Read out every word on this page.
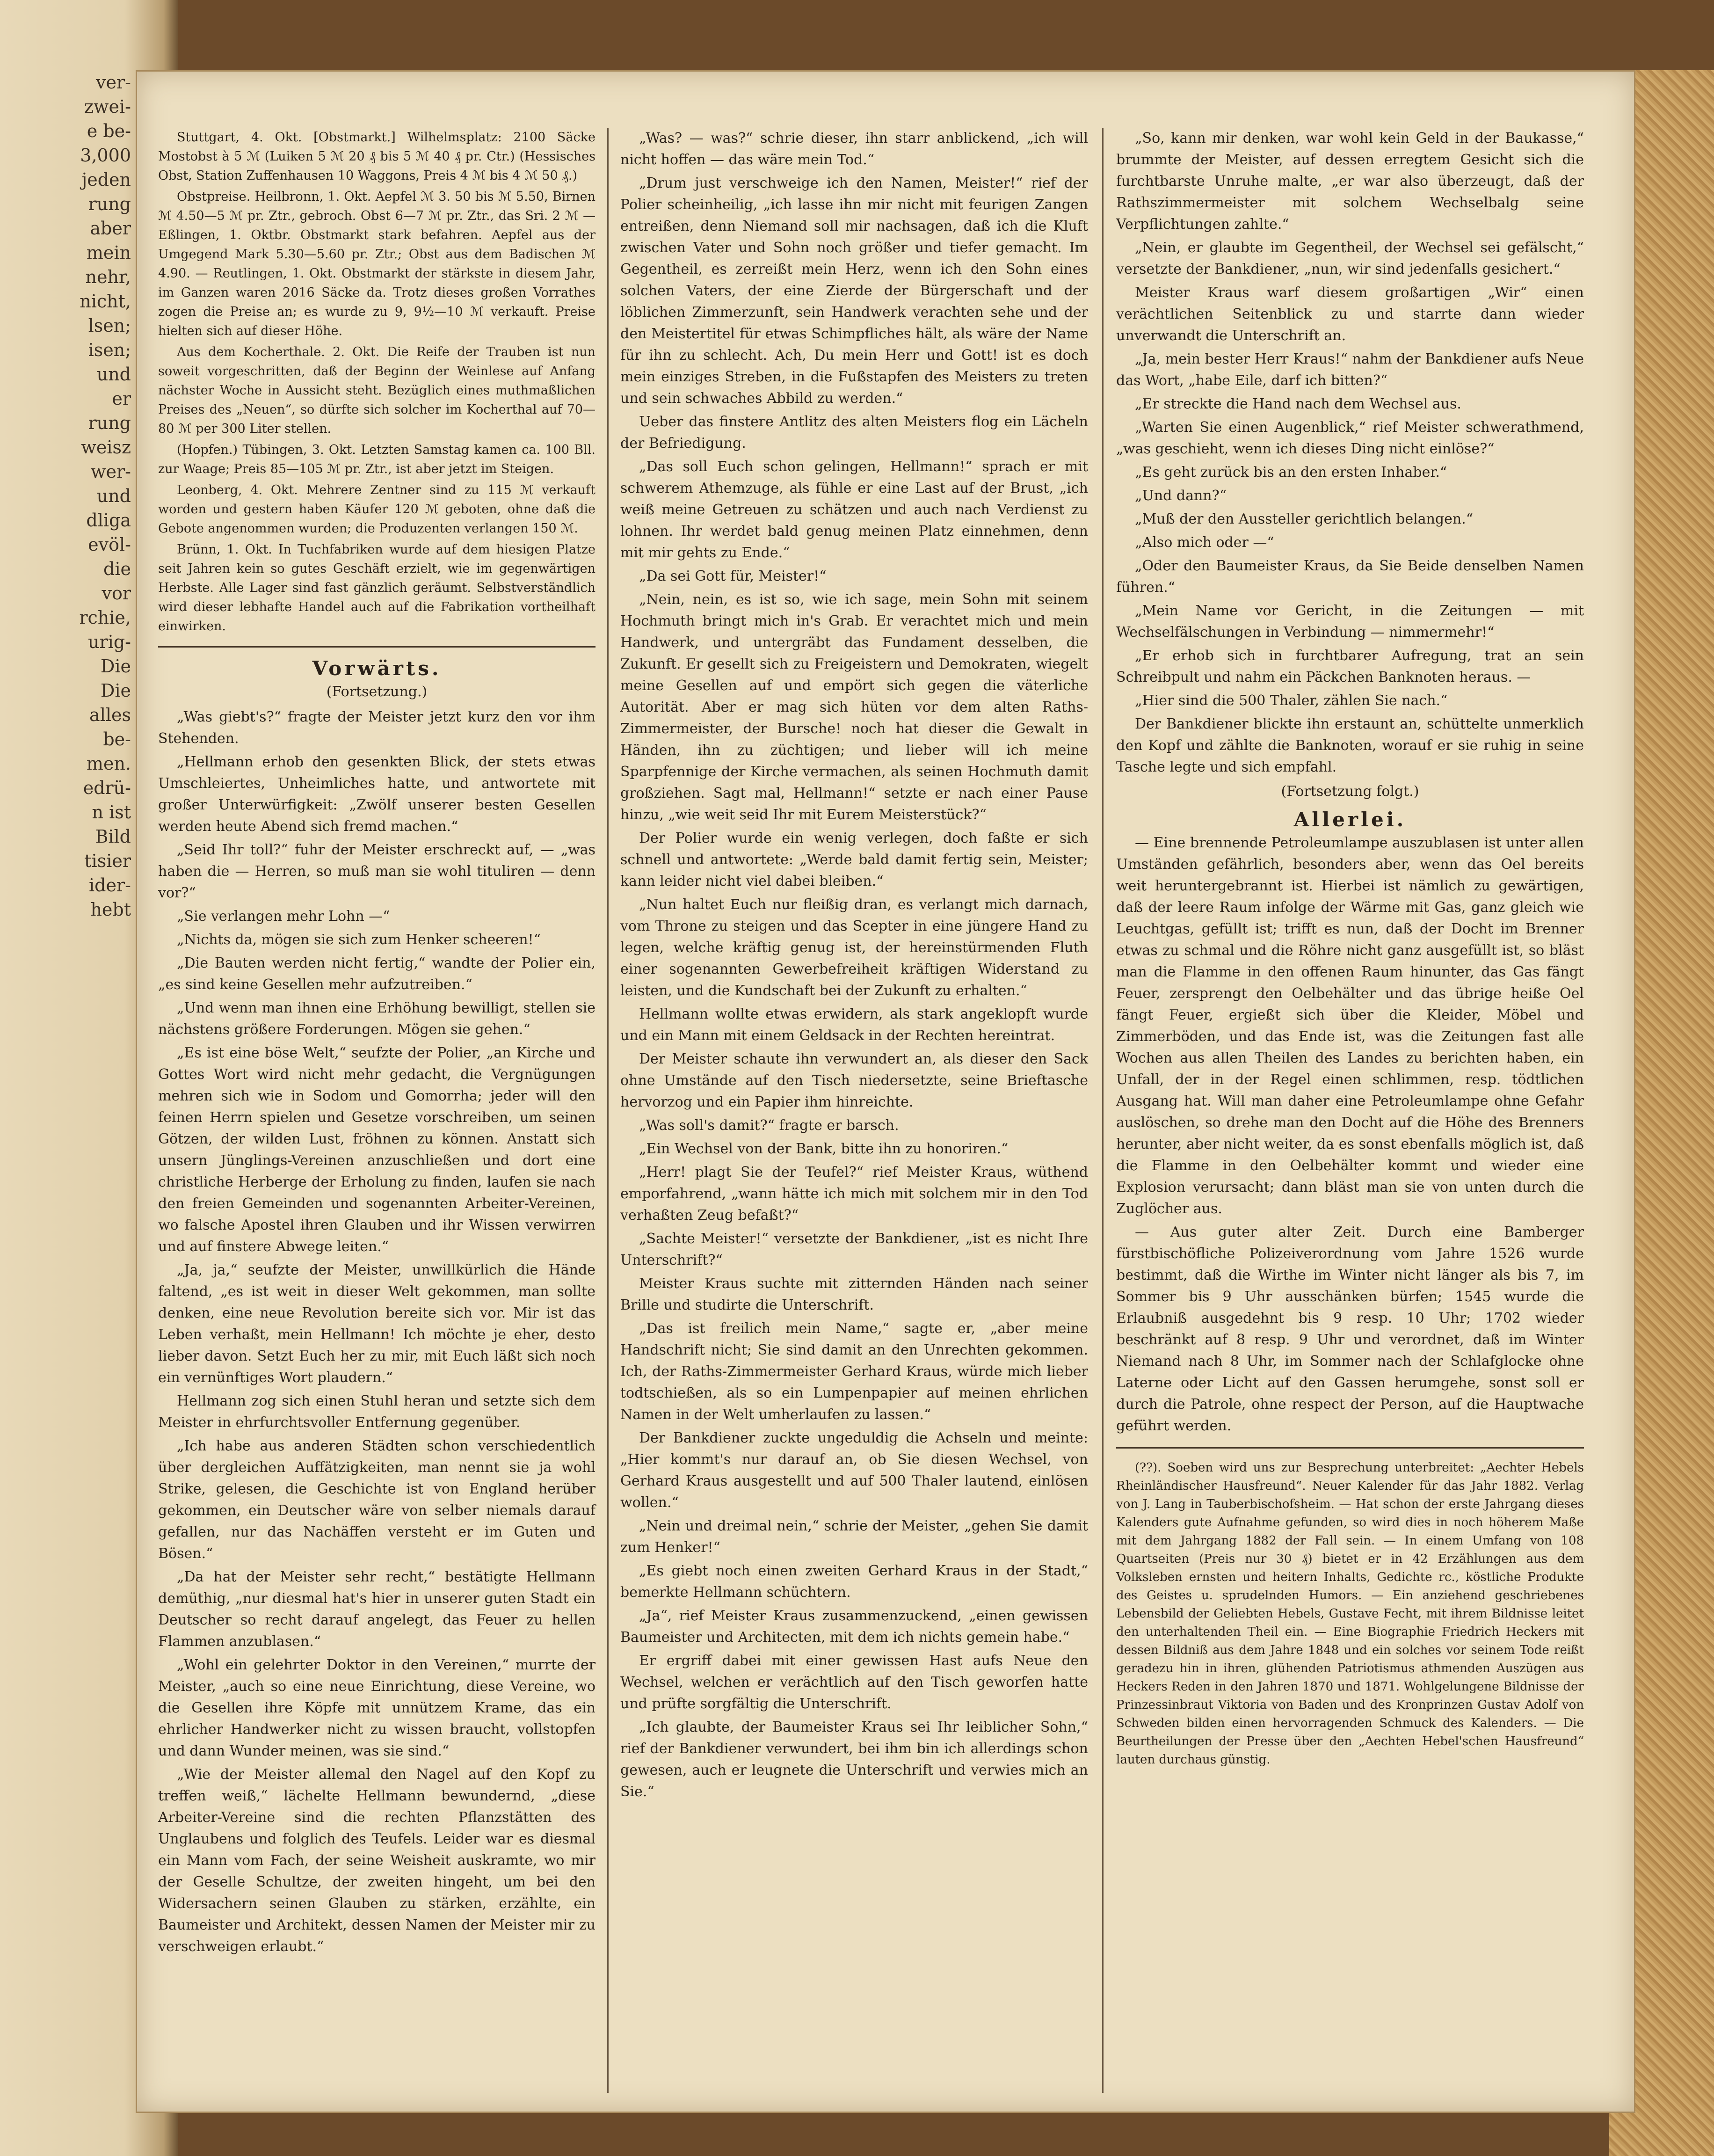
ver-
zwei-
e be-
3,000
jeden
rung
aber
mein
nehr,
nicht,
lsen;
isen;
und
er
rung
weisz
wer-
und
dliga
evöl-
die
vor
rchie,
urig-
Die
Die
alles
be-
men.
edrü-
n ist
Bild
tisier
ider-
hebt

Stuttgart, 4. Okt. [Obstmarkt.] Wilhelmsplatz: 2100 Säcke Mostobst à 5 ℳ (Luiken 5 ℳ 20 ₰ bis 5 ℳ 40 ₰ pr. Ctr.) (Hessisches Obst, Station Zuffenhausen 10 Waggons, Preis 4 ℳ bis 4 ℳ 50 ₰.)

Obstpreise. Heilbronn, 1. Okt. Aepfel ℳ 3. 50 bis ℳ 5.50, Birnen ℳ 4.50—5 ℳ pr. Ztr., gebroch. Obst 6—7 ℳ pr. Ztr., das Sri. 2 ℳ — Eßlingen, 1. Oktbr. Obstmarkt stark befahren. Aepfel aus der Umgegend Mark 5.30—5.60 pr. Ztr.; Obst aus dem Badischen ℳ 4.90. — Reutlingen, 1. Okt. Obstmarkt der stärkste in diesem Jahr, im Ganzen waren 2016 Säcke da. Trotz dieses großen Vorrathes zogen die Preise an; es wurde zu 9, 9½—10 ℳ verkauft. Preise hielten sich auf dieser Höhe.

Aus dem Kocherthale. 2. Okt. Die Reife der Trauben ist nun soweit vorgeschritten, daß der Beginn der Weinlese auf Anfang nächster Woche in Aussicht steht. Bezüglich eines muthmaßlichen Preises des „Neuen“, so dürfte sich solcher im Kocherthal auf 70—80 ℳ per 300 Liter stellen.

(Hopfen.) Tübingen, 3. Okt. Letzten Samstag kamen ca. 100 Bll. zur Waage; Preis 85—105 ℳ pr. Ztr., ist aber jetzt im Steigen.

Leonberg, 4. Okt. Mehrere Zentner sind zu 115 ℳ verkauft worden und gestern haben Käufer 120 ℳ geboten, ohne daß die Gebote angenommen wurden; die Produzenten verlangen 150 ℳ.

Brünn, 1. Okt. In Tuchfabriken wurde auf dem hiesigen Platze seit Jahren kein so gutes Geschäft erzielt, wie im gegenwärtigen Herbste. Alle Lager sind fast gänzlich geräumt. Selbstverständlich wird dieser lebhafte Handel auch auf die Fabrikation vortheilhaft einwirken.

Vorwärts.
(Fortsetzung.)

„Was giebt's?“ fragte der Meister jetzt kurz den vor ihm Stehenden.

„Hellmann erhob den gesenkten Blick, der stets etwas Umschleiertes, Unheimliches hatte, und antwortete mit großer Unterwürfigkeit: „Zwölf unserer besten Gesellen werden heute Abend sich fremd machen.“

„Seid Ihr toll?“ fuhr der Meister erschreckt auf, — „was haben die — Herren, so muß man sie wohl tituliren — denn vor?“

„Sie verlangen mehr Lohn —“

„Nichts da, mögen sie sich zum Henker scheeren!“

„Die Bauten werden nicht fertig,“ wandte der Polier ein, „es sind keine Gesellen mehr aufzutreiben.“

„Und wenn man ihnen eine Erhöhung bewilligt, stellen sie nächstens größere Forderungen. Mögen sie gehen.“

„Es ist eine böse Welt,“ seufzte der Polier, „an Kirche und Gottes Wort wird nicht mehr gedacht, die Vergnügungen mehren sich wie in Sodom und Gomorrha; jeder will den feinen Herrn spielen und Gesetze vorschreiben, um seinen Götzen, der wilden Lust, fröhnen zu können. Anstatt sich unsern Jünglings-Vereinen anzuschließen und dort eine christliche Herberge der Erholung zu finden, laufen sie nach den freien Gemeinden und sogenannten Arbeiter-Vereinen, wo falsche Apostel ihren Glauben und ihr Wissen verwirren und auf finstere Abwege leiten.“

„Ja, ja,“ seufzte der Meister, unwillkürlich die Hände faltend, „es ist weit in dieser Welt gekommen, man sollte denken, eine neue Revolution bereite sich vor. Mir ist das Leben verhaßt, mein Hellmann! Ich möchte je eher, desto lieber davon. Setzt Euch her zu mir, mit Euch läßt sich noch ein vernünftiges Wort plaudern.“

Hellmann zog sich einen Stuhl heran und setzte sich dem Meister in ehrfurchtsvoller Entfernung gegenüber.

„Ich habe aus anderen Städten schon verschiedentlich über dergleichen Auffätzigkeiten, man nennt sie ja wohl Strike, gelesen, die Geschichte ist von England herüber gekommen, ein Deutscher wäre von selber niemals darauf gefallen, nur das Nachäffen versteht er im Guten und Bösen.“

„Da hat der Meister sehr recht,“ bestätigte Hellmann demüthig, „nur diesmal hat's hier in unserer guten Stadt ein Deutscher so recht darauf angelegt, das Feuer zu hellen Flammen anzublasen.“

„Wohl ein gelehrter Doktor in den Vereinen,“ murrte der Meister, „auch so eine neue Einrichtung, diese Vereine, wo die Gesellen ihre Köpfe mit unnützem Krame, das ein ehrlicher Handwerker nicht zu wissen braucht, vollstopfen und dann Wunder meinen, was sie sind.“

„Wie der Meister allemal den Nagel auf den Kopf zu treffen weiß,“ lächelte Hellmann bewundernd, „diese Arbeiter-Vereine sind die rechten Pflanzstätten des Unglaubens und folglich des Teufels. Leider war es diesmal ein Mann vom Fach, der seine Weisheit auskramte, wo mir der Geselle Schultze, der zweiten hingeht, um bei den Widersachern seinen Glauben zu stärken, erzählte, ein Baumeister und Architekt, dessen Namen der Meister mir zu verschweigen erlaubt.“

„Was? — was?“ schrie dieser, ihn starr anblickend, „ich will nicht hoffen — das wäre mein Tod.“

„Drum just verschweige ich den Namen, Meister!“ rief der Polier scheinheilig, „ich lasse ihn mir nicht mit feurigen Zangen entreißen, denn Niemand soll mir nachsagen, daß ich die Kluft zwischen Vater und Sohn noch größer und tiefer gemacht. Im Gegentheil, es zerreißt mein Herz, wenn ich den Sohn eines solchen Vaters, der eine Zierde der Bürgerschaft und der löblichen Zimmerzunft, sein Handwerk verachten sehe und der den Meistertitel für etwas Schimpfliches hält, als wäre der Name für ihn zu schlecht. Ach, Du mein Herr und Gott! ist es doch mein einziges Streben, in die Fußstapfen des Meisters zu treten und sein schwaches Abbild zu werden.“

Ueber das finstere Antlitz des alten Meisters flog ein Lächeln der Befriedigung.

„Das soll Euch schon gelingen, Hellmann!“ sprach er mit schwerem Athemzuge, als fühle er eine Last auf der Brust, „ich weiß meine Getreuen zu schätzen und auch nach Verdienst zu lohnen. Ihr werdet bald genug meinen Platz einnehmen, denn mit mir gehts zu Ende.“

„Da sei Gott für, Meister!“

„Nein, nein, es ist so, wie ich sage, mein Sohn mit seinem Hochmuth bringt mich in's Grab. Er verachtet mich und mein Handwerk, und untergräbt das Fundament desselben, die Zukunft. Er gesellt sich zu Freigeistern und Demokraten, wiegelt meine Gesellen auf und empört sich gegen die väterliche Autorität. Aber er mag sich hüten vor dem alten Raths-Zimmermeister, der Bursche! noch hat dieser die Gewalt in Händen, ihn zu züchtigen; und lieber will ich meine Sparpfennige der Kirche vermachen, als seinen Hochmuth damit großziehen. Sagt mal, Hellmann!“ setzte er nach einer Pause hinzu, „wie weit seid Ihr mit Eurem Meisterstück?“

Der Polier wurde ein wenig verlegen, doch faßte er sich schnell und antwortete: „Werde bald damit fertig sein, Meister; kann leider nicht viel dabei bleiben.“

„Nun haltet Euch nur fleißig dran, es verlangt mich darnach, vom Throne zu steigen und das Scepter in eine jüngere Hand zu legen, welche kräftig genug ist, der hereinstürmenden Fluth einer sogenannten Gewerbefreiheit kräftigen Widerstand zu leisten, und die Kundschaft bei der Zukunft zu erhalten.“

Hellmann wollte etwas erwidern, als stark angeklopft wurde und ein Mann mit einem Geldsack in der Rechten hereintrat.

Der Meister schaute ihn verwundert an, als dieser den Sack ohne Umstände auf den Tisch niedersetzte, seine Brieftasche hervorzog und ein Papier ihm hinreichte.

„Was soll's damit?“ fragte er barsch.

„Ein Wechsel von der Bank, bitte ihn zu honoriren.“

„Herr! plagt Sie der Teufel?“ rief Meister Kraus, wüthend emporfahrend, „wann hätte ich mich mit solchem mir in den Tod verhaßten Zeug befaßt?“

„Sachte Meister!“ versetzte der Bankdiener, „ist es nicht Ihre Unterschrift?“

Meister Kraus suchte mit zitternden Händen nach seiner Brille und studirte die Unterschrift.

„Das ist freilich mein Name,“ sagte er, „aber meine Handschrift nicht; Sie sind damit an den Unrechten gekommen. Ich, der Raths-Zimmermeister Gerhard Kraus, würde mich lieber todtschießen, als so ein Lumpenpapier auf meinen ehrlichen Namen in der Welt umherlaufen zu lassen.“

Der Bankdiener zuckte ungeduldig die Achseln und meinte: „Hier kommt's nur darauf an, ob Sie diesen Wechsel, von Gerhard Kraus ausgestellt und auf 500 Thaler lautend, einlösen wollen.“

„Nein und dreimal nein,“ schrie der Meister, „gehen Sie damit zum Henker!“

„Es giebt noch einen zweiten Gerhard Kraus in der Stadt,“ bemerkte Hellmann schüchtern.

„Ja“, rief Meister Kraus zusammenzuckend, „einen gewissen Baumeister und Architecten, mit dem ich nichts gemein habe.“

Er ergriff dabei mit einer gewissen Hast aufs Neue den Wechsel, welchen er verächtlich auf den Tisch geworfen hatte und prüfte sorgfältig die Unterschrift.

„Ich glaubte, der Baumeister Kraus sei Ihr leiblicher Sohn,“ rief der Bankdiener verwundert, bei ihm bin ich allerdings schon gewesen, auch er leugnete die Unterschrift und verwies mich an Sie.“

„So, kann mir denken, war wohl kein Geld in der Baukasse,“ brummte der Meister, auf dessen erregtem Gesicht sich die furchtbarste Unruhe malte, „er war also überzeugt, daß der Rathszimmermeister mit solchem Wechselbalg seine Verpflichtungen zahlte.“

„Nein, er glaubte im Gegentheil, der Wechsel sei gefälscht,“ versetzte der Bankdiener, „nun, wir sind jedenfalls gesichert.“

Meister Kraus warf diesem großartigen „Wir“ einen verächtlichen Seitenblick zu und starrte dann wieder unverwandt die Unterschrift an.

„Ja, mein bester Herr Kraus!“ nahm der Bankdiener aufs Neue das Wort, „habe Eile, darf ich bitten?“

„Er streckte die Hand nach dem Wechsel aus.

„Warten Sie einen Augenblick,“ rief Meister schwerathmend, „was geschieht, wenn ich dieses Ding nicht einlöse?“

„Es geht zurück bis an den ersten Inhaber.“

„Und dann?“

„Muß der den Aussteller gerichtlich belangen.“

„Also mich oder —“

„Oder den Baumeister Kraus, da Sie Beide denselben Namen führen.“

„Mein Name vor Gericht, in die Zeitungen — mit Wechselfälschungen in Verbindung — nimmermehr!“

„Er erhob sich in furchtbarer Aufregung, trat an sein Schreibpult und nahm ein Päckchen Banknoten heraus. —

„Hier sind die 500 Thaler, zählen Sie nach.“

Der Bankdiener blickte ihn erstaunt an, schüttelte unmerklich den Kopf und zählte die Banknoten, worauf er sie ruhig in seine Tasche legte und sich empfahl.

(Fortsetzung folgt.)
Allerlei.

— Eine brennende Petroleumlampe auszublasen ist unter allen Umständen gefährlich, besonders aber, wenn das Oel bereits weit heruntergebrannt ist. Hierbei ist nämlich zu gewärtigen, daß der leere Raum infolge der Wärme mit Gas, ganz gleich wie Leuchtgas, gefüllt ist; trifft es nun, daß der Docht im Brenner etwas zu schmal und die Röhre nicht ganz ausgefüllt ist, so bläst man die Flamme in den offenen Raum hinunter, das Gas fängt Feuer, zersprengt den Oelbehälter und das übrige heiße Oel fängt Feuer, ergießt sich über die Kleider, Möbel und Zimmerböden, und das Ende ist, was die Zeitungen fast alle Wochen aus allen Theilen des Landes zu berichten haben, ein Unfall, der in der Regel einen schlimmen, resp. tödtlichen Ausgang hat. Will man daher eine Petroleumlampe ohne Gefahr auslöschen, so drehe man den Docht auf die Höhe des Brenners herunter, aber nicht weiter, da es sonst ebenfalls möglich ist, daß die Flamme in den Oelbehälter kommt und wieder eine Explosion verursacht; dann bläst man sie von unten durch die Zuglöcher aus.

— Aus guter alter Zeit. Durch eine Bamberger fürstbischöfliche Polizeiverordnung vom Jahre 1526 wurde bestimmt, daß die Wirthe im Winter nicht länger als bis 7, im Sommer bis 9 Uhr ausschänken bürfen; 1545 wurde die Erlaubniß ausgedehnt bis 9 resp. 10 Uhr; 1702 wieder beschränkt auf 8 resp. 9 Uhr und verordnet, daß im Winter Niemand nach 8 Uhr, im Sommer nach der Schlafglocke ohne Laterne oder Licht auf den Gassen herumgehe, sonst soll er durch die Patrole, ohne respect der Person, auf die Hauptwache geführt werden.

(??). Soeben wird uns zur Besprechung unterbreitet: „Aechter Hebels Rheinländischer Hausfreund“. Neuer Kalender für das Jahr 1882. Verlag von J. Lang in Tauberbischofsheim. — Hat schon der erste Jahrgang dieses Kalenders gute Aufnahme gefunden, so wird dies in noch höherem Maße mit dem Jahrgang 1882 der Fall sein. — In einem Umfang von 108 Quartseiten (Preis nur 30 ₰) bietet er in 42 Erzählungen aus dem Volksleben ernsten und heitern Inhalts, Gedichte rc., köstliche Produkte des Geistes u. sprudelnden Humors. — Ein anziehend geschriebenes Lebensbild der Geliebten Hebels, Gustave Fecht, mit ihrem Bildnisse leitet den unterhaltenden Theil ein. — Eine Biographie Friedrich Heckers mit dessen Bildniß aus dem Jahre 1848 und ein solches vor seinem Tode reißt geradezu hin in ihren, glühenden Patriotismus athmenden Auszügen aus Heckers Reden in den Jahren 1870 und 1871. Wohlgelungene Bildnisse der Prinzessinbraut Viktoria von Baden und des Kronprinzen Gustav Adolf von Schweden bilden einen hervorragenden Schmuck des Kalenders. — Die Beurtheilungen der Presse über den „Aechten Hebel'schen Hausfreund“ lauten durchaus günstig.
